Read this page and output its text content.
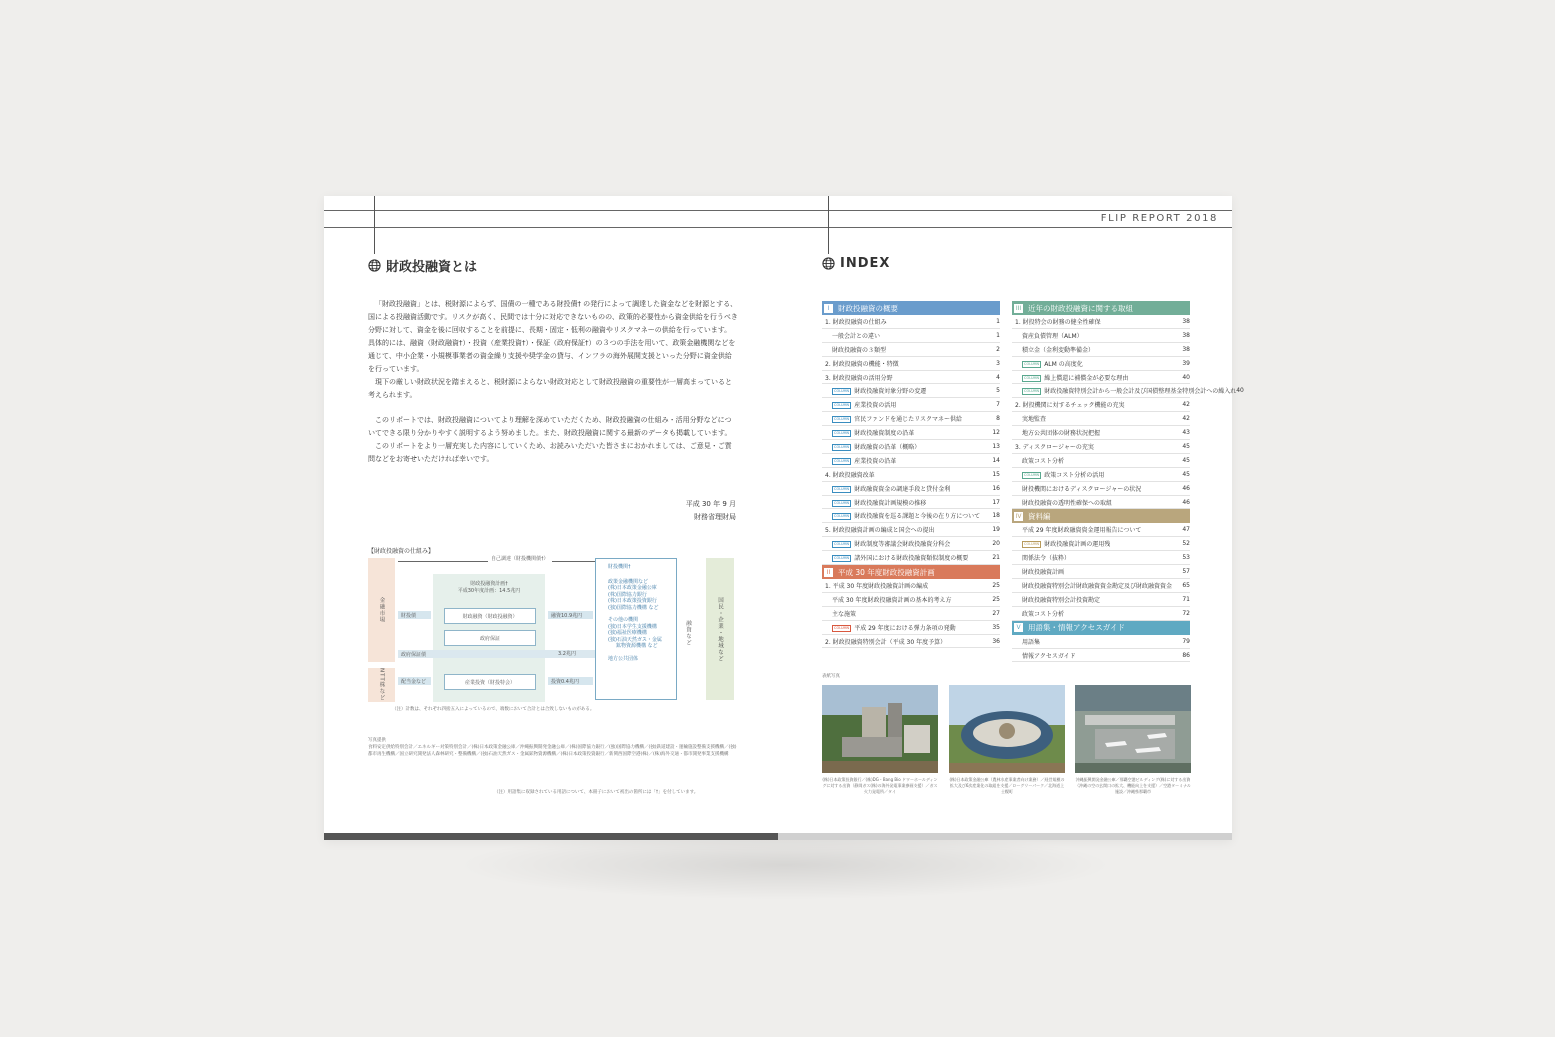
FLIP REPORT 2018
財政投融資とは

「財政投融資」とは、税財源によらず、国債の一種である財投債† の発行によって調達した資金などを財源とする、国による投融資活動です。リスクが高く、民間では十分に対応できないものの、政策的必要性から資金供給を行うべき分野に対して、資金を後に回収することを前提に、長期・固定・低利の融資やリスクマネーの供給を行っています。具体的には、融資（財政融資†）・投資（産業投資†）・保証（政府保証†）の３つの手法を用いて、政策金融機関などを通じて、中小企業・小規模事業者の資金繰り支援や奨学金の貸与、インフラの海外展開支援といった分野に資金供給を行っています。

現下の厳しい財政状況を踏まえると、税財源によらない財政対応として財政投融資の重要性が一層高まっていると考えられます。

このリポートでは、財政投融資についてより理解を深めていただくため、財政投融資の仕組み・活用分野などについてできる限り分かりやすく説明するよう努めました。また、財政投融資に関する最新のデータも掲載しています。

このリポートをより一層充実した内容にしていくため、お読みいただいた皆さまにおかれましては、ご意見・ご質問などをお寄せいただければ幸いです。

平成 30 年 9 月
財務省理財局
【財政投融資の仕組み】
自己調達（財投機関債†）
金融市場
NTT株など
財政投融資計画†
平成30年度計画：14.5兆円
財政融資（財政投融資）
政府保証
産業投資（財投特会）
財投債
政府保証債
配当金など
融資10.9兆円
3.2兆円
投資0.4兆円
財投機関†
政策金融機関など
(株)日本政策金融公庫
(株)国際協力銀行
(株)日本政策投資銀行
(独)国際協力機構 など
その他の機関
(独)日本学生支援機構
(独)福祉医療機構
(独)石油天然ガス・金属
鉱物資源機構 など
地方公共団体
融資など	国民・企業・地域など
（注）計数は、それぞれ四捨五入によっているので、端数において合計とは合致しないものがある。
写真提供
食料安定供給特別会計／エネルギー対策特別会計／(株)日本政策金融公庫／沖縄振興開発金融公庫／(株)国際協力銀行／(独)国際協力機構／(独)鉄道建設・運輸施設整備支援機構／(独)都市再生機構／国立研究開発法人森林研究・整備機構／(独)石油天然ガス・金属鉱物資源機構／(株)日本政策投資銀行／新関西国際空港(株)／(株)海外交通・都市開発事業支援機構
（注）用語集に収録されている用語について、本冊子において初出の箇所には「†」を付しています。
INDEX
I	財政投融資の概要
1. 財政投融資の仕組み	1
一般会計との違い	1
財政投融資の３類型	2
2. 財政投融資の機能・特徴	3
3. 財政投融資の活用分野	4
COLUMN 財政投融資対象分野の変遷	5
COLUMN 産業投資の活用	7
COLUMN 官民ファンドを通じたリスクマネー供給	8
COLUMN 財政投融資制度の沿革	12
COLUMN 財政融資の沿革（概略）	13
COLUMN 産業投資の沿革	14
4. 財政投融資改革	15
COLUMN 財政融資資金の調達手段と貸付金利	16
COLUMN 財政投融資計画規模の推移	17
COLUMN 財政投融資を巡る課題と今後の在り方について	18
5. 財政投融資計画の編成と国会への提出	19
COLUMN 財政制度等審議会財政投融資分科会	20
COLUMN 諸外国における財政投融資類似制度の概要	21
II	平成 30 年度財政投融資計画
1. 平成 30 年度財政投融資計画の編成	25
平成 30 年度財政投融資計画の基本的考え方	25
主な施策	27
COLUMN 平成 29 年度における弾力条項の発動	35
2. 財政投融資特別会計（平成 30 年度予算）	36
III 近年の財政投融資に関する取組
1. 財投特会の財務の健全性確保	38
資産負債管理（ALM）	38
積立金（金利変動準備金）	38
COLUMN ALM の高度化	39
COLUMN 繰上償還に補償金が必要な理由	40
COLUMN 財政投融資特別会計から一般会計及び国債整理基金特別会計への繰入れ 40
2. 財投機関に対するチェック機能の充実	42
実地監査	42
地方公共団体の財務状況把握	43
3. ディスクロージャーの充実	45
政策コスト分析	45
COLUMN 政策コスト分析の活用	45
財投機関におけるディスクロージャーの状況	46
財政投融資の透明性確保への取組	46
IV 資料編
平成 29 年度財政融資資金運用報告について	47
COLUMN 財政投融資計画の運用残	52
関係法令（抜粋）	53
財政投融資計画	57
財政投融資特別会計財政融資資金勘定及び財政融資資金	65
財政投融資特別会計投資勘定	71
政策コスト分析	72
V 用語集・情報アクセスガイド
用語集	79
情報アクセスガイド	86
表紙写真
(株)日本政策投資銀行／(株)DG・Bang Bio ドワーホールディングに対する出資（静岡ガス(株)の海外発電事業参画支援）／ガス火力発電所／タイ
(株)日本政策金融公庫（農林水産事業者向け業務）／経営規模の拡大及び6次産業化の取組を支援／ローグリーパーク／北海道上士幌町
沖縄振興開発金融公庫／那覇空港ビルディング(株)に対する出資（沖縄の空の玄関口の拡大、機能向上を支援）／空港ターミナル施設／沖縄県那覇市
